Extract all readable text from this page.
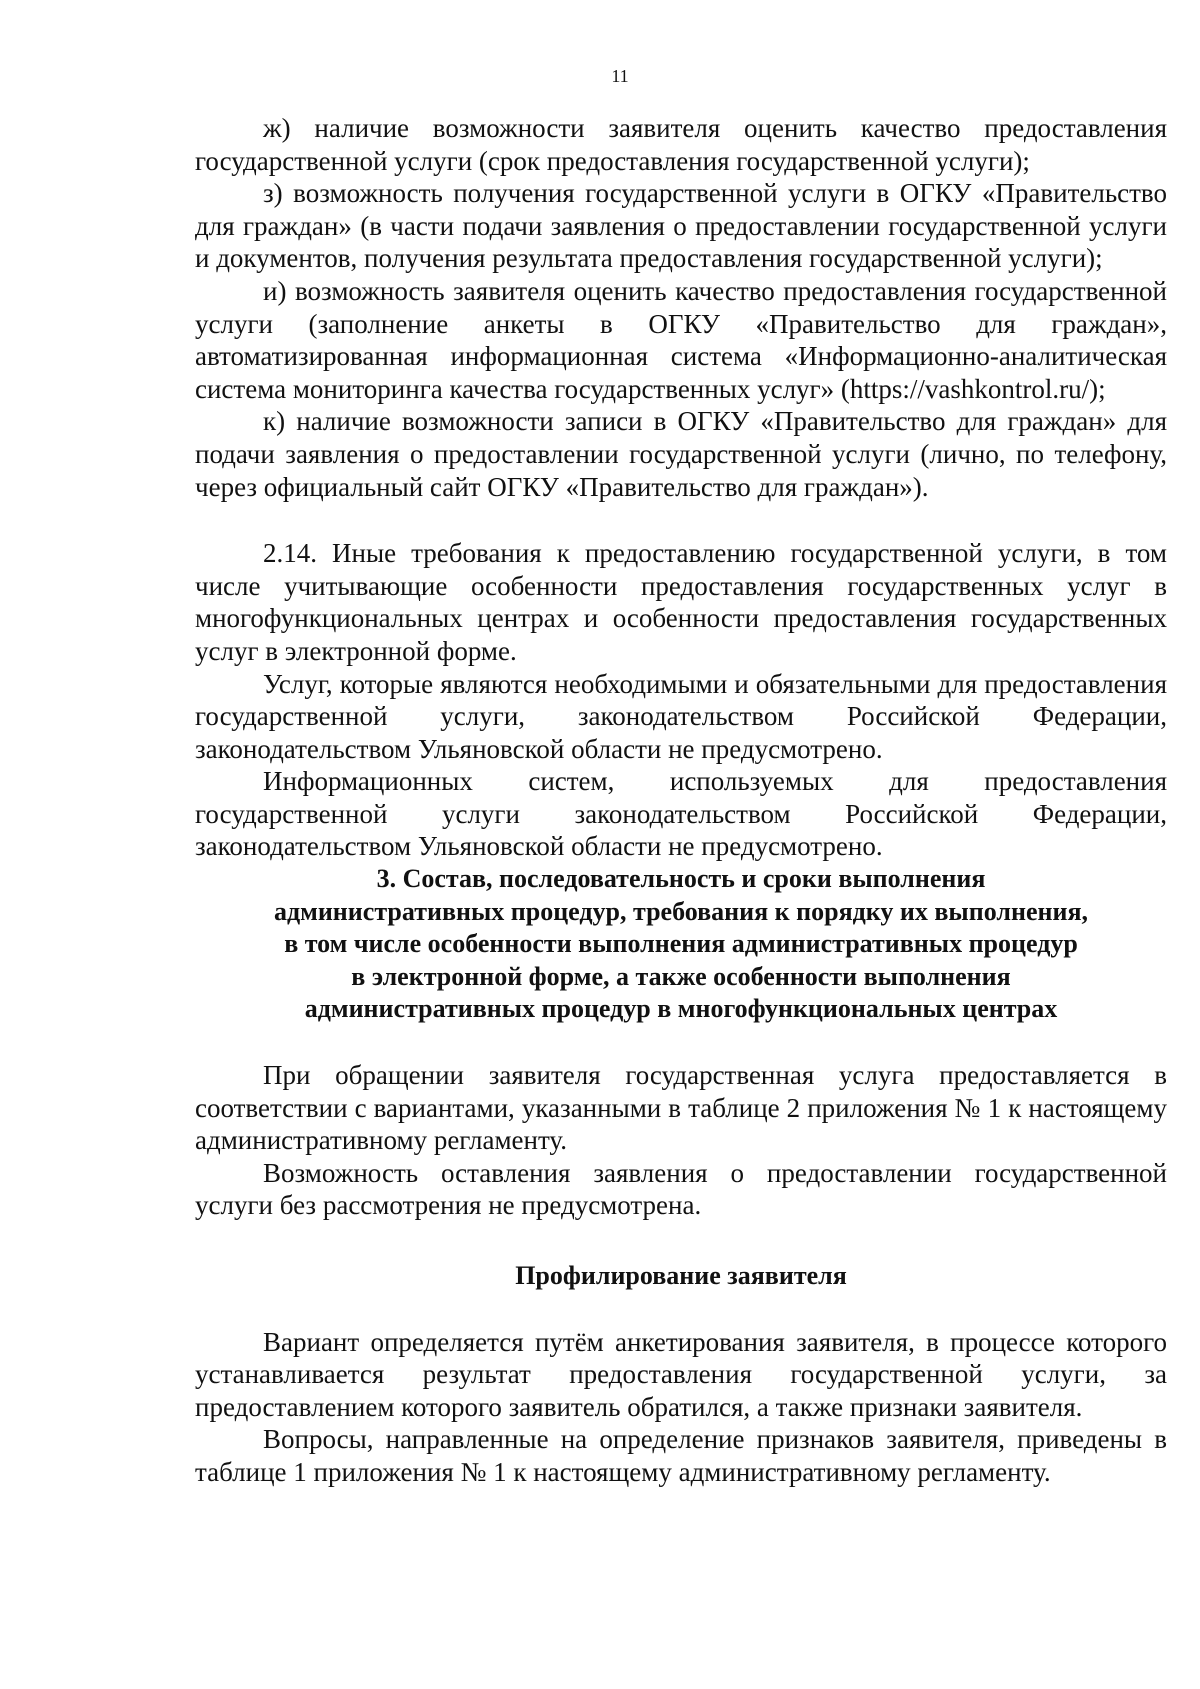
11

ж) наличие возможности заявителя оценить качество предоставления государственной услуги (срок предоставления государственной услуги);

з) возможность получения государственной услуги в ОГКУ «Правительство для граждан» (в части подачи заявления о предоставлении государственной услуги и документов, получения результата предоставления государственной услуги);

и) возможность заявителя оценить качество предоставления государственной услуги (заполнение анкеты в ОГКУ «Правительство для граждан», автоматизированная информационная система «Информационно-аналитическая система мониторинга качества государственных услуг» (https://vashkontrol.ru/);

к) наличие возможности записи в ОГКУ «Правительство для граждан» для подачи заявления о предоставлении государственной услуги (лично, по телефону, через официальный сайт ОГКУ «Правительство для граждан»).

2.14. Иные требования к предоставлению государственной услуги, в том числе учитывающие особенности предоставления государственных услуг в многофункциональных центрах и особенности предоставления государственных услуг в электронной форме.

Услуг, которые являются необходимыми и обязательными для предоставления государственной услуги, законодательством Российской Федерации, законодательством Ульяновской области не предусмотрено.

Информационных систем, используемых для предоставления государственной услуги законодательством Российской Федерации, законодательством Ульяновской области не предусмотрено.

3. Состав, последовательность и сроки выполнения
административных процедур, требования к порядку их выполнения,
в том числе особенности выполнения административных процедур
в электронной форме, а также особенности выполнения
административных процедур в многофункциональных центрах

При обращении заявителя государственная услуга предоставляется в соответствии с вариантами, указанными в таблице 2 приложения № 1 к настоящему административному регламенту.

Возможность оставления заявления о предоставлении государственной услуги без рассмотрения не предусмотрена.

Профилирование заявителя

Вариант определяется путём анкетирования заявителя, в процессе которого устанавливается результат предоставления государственной услуги, за предоставлением которого заявитель обратился, а также признаки заявителя.

Вопросы, направленные на определение признаков заявителя, приведены в таблице 1 приложения № 1 к настоящему административному регламенту.
